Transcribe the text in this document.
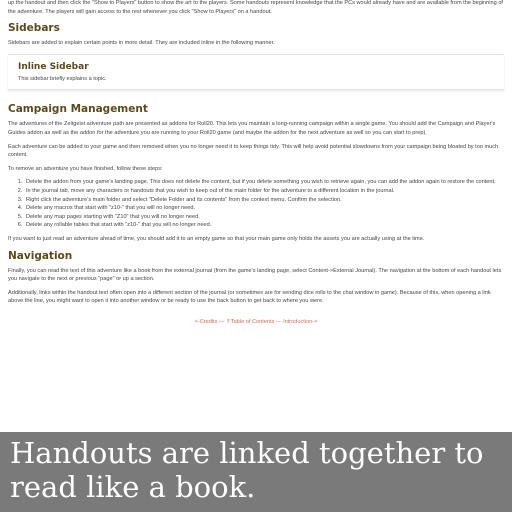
up the handout and then click the "Show to Players" button to show the art to the players. Some handouts represent knowledge that the PCs would already have and are available from the beginning of the adventure. The players will gain access to the rest whenever you click "Show to Players" on a handout.

Sidebars

Sidebars are added to explain certain points in more detail. They are included inline in the following manner.

Inline Sidebar

This sidebar briefly explains a topic.

Campaign Management

The adventures of the Zeitgeist adventure path are presented as addons for Roll20. This lets you maintain a long-running campaign within a single game. You should add the Campaign and Player's Guides addon as well as the addon for the adventure you are running to your Roll20 game (and maybe the addon for the next adventure as well so you can start to prep).

Each adventure can be added to your game and then removed when you no longer need it to keep things tidy. This will help avoid potential slowdowns from your campaign being bloated by too much content.

To remove an adventure you have finished, follow these steps:

1. Delete the addon from your game's landing page. This does not delete the content, but if you delete something you wish to retrieve again, you can add the addon again to restore the content.
2. In the journal tab, move any characters or handouts that you wish to keep out of the main folder for the adventure to a different location in the journal.
3. Right click the adventure's main folder and select "Delete Folder and its contents" from the context menu. Confirm the selection.
4. Delete any macros that start with "z10-" that you will no longer need.
5. Delete any map pages starting with "Z10" that you will no longer need.
6. Delete any rollable tables that start with "z10-" that you will no longer need.

If you want to just read an adventure ahead of time, you should add it to an empty game so that your main game only holds the assets you are actually using at the time.

Navigation

Finally, you can read the text of this adventure like a book from the external journal (from the game's landing page, select Content->External Journal). The navigation at the bottom of each handout lets you navigate to the next or previous "page" or up a section.

Additionally, links within the handout text often open into a different section of the journal (or sometimes are for sending dice rolls to the chat window in game). Because of this, when opening a link above the line, you might want to open it into another window or be ready to use the back button to get back to where you were.

<-Credits — ⇑Table of Contents — Introduction->
Handouts are linked together to read like a book.
